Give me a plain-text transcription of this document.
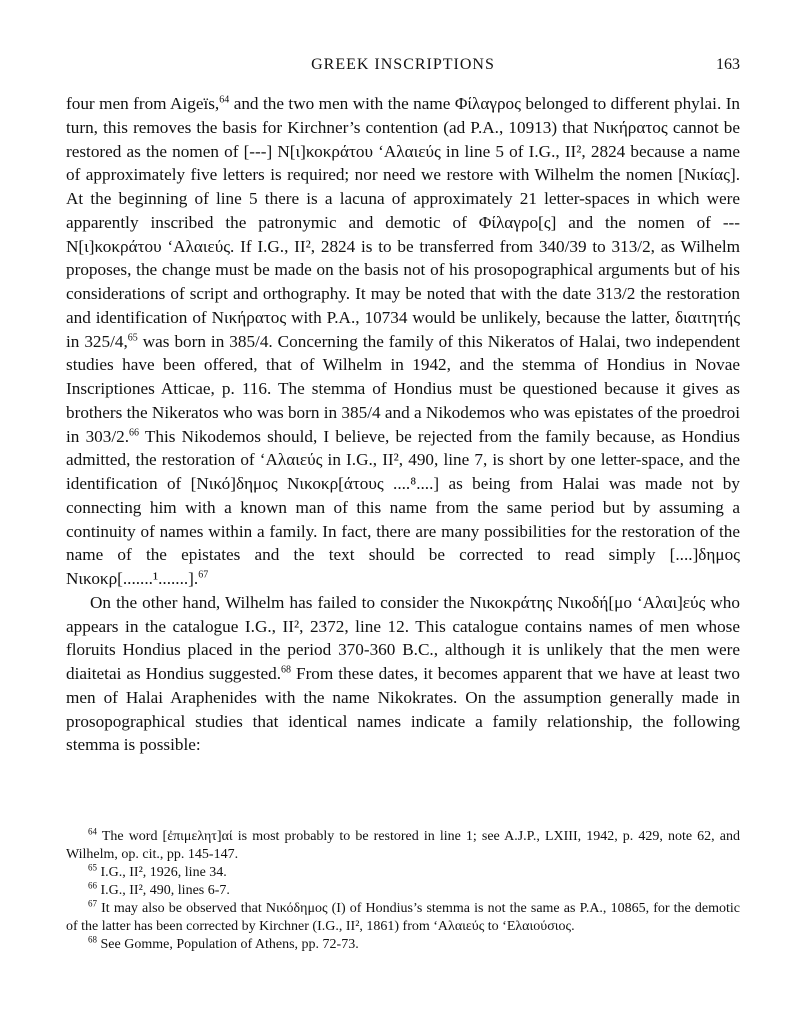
GREEK INSCRIPTIONS	163

four men from Aigeïs,$^{64}$ and the two men with the name Φίλαγρος belonged to different phylai. In turn, this removes the basis for Kirchner’s contention (ad P.A., 10913) that Νικήρατος cannot be restored as the nomen of [---] Ν[ι]κοκράτου ‘Αλαιεύς in line 5 of I.G., II², 2824 because a name of approximately five letters is required; nor need we restore with Wilhelm the nomen [Νικίας]. At the beginning of line 5 there is a lacuna of approximately 21 letter-spaces in which were apparently inscribed the patronymic and demotic of Φίλαγρο[ς] and the nomen of --- Ν[ι]κοκράτου ‘Αλαιεύς. If I.G., II², 2824 is to be transferred from 340/39 to 313/2, as Wilhelm proposes, the change must be made on the basis not of his prosopographical arguments but of his considerations of script and orthography. It may be noted that with the date 313/2 the restoration and identification of Νικήρατος with P.A., 10734 would be unlikely, because the latter, διαιτητής in 325/4,65 was born in 385/4. Concerning the family of this Nikeratos of Halai, two independent studies have been offered, that of Wilhelm in 1942, and the stemma of Hondius in Novae Inscriptiones Atticae, p. 116. The stemma of Hondius must be questioned because it gives as brothers the Nikeratos who was born in 385/4 and a Nikodemos who was epistates of the proedroi in 303/2.66 This Nikodemos should, I believe, be rejected from the family because, as Hondius admitted, the restoration of ‘Αλαιεύς in I.G., II², 490, line 7, is short by one letter-space, and the identification of [Νικό]δημος Νικοκρ[άτους ....⁸....] as being from Halai was made not by connecting him with a known man of this name from the same period but by assuming a continuity of names within a family. In fact, there are many possibilities for the restoration of the name of the epistates and the text should be corrected to read simply [....]δημος Νικοκρ[.......¹.......].$^{67}$

On the other hand, Wilhelm has failed to consider the Νικοκράτης Νικοδή[μο ‘Αλαι]εύς who appears in the catalogue I.G., II², 2372, line 12. This catalogue contains names of men whose floruits Hondius placed in the period 370-360 B.C., although it is unlikely that the men were diaitetai as Hondius suggested.$^{68}$ From these dates, it becomes apparent that we have at least two men of Halai Araphenides with the name Nikokrates. On the assumption generally made in prosopographical studies that identical names indicate a family relationship, the following stemma is possible:

$^{64}$ The word [ἐπιμελητ]αί is most probably to be restored in line 1; see A.J.P., LXIII, 1942, p. 429, note 62, and Wilhelm, op. cit., pp. 145-147.

$^{65}$ I.G., II², 1926, line 34.

$^{66}$ I.G., II², 490, lines 6-7.

$^{67}$ It may also be observed that Νικόδημος (I) of Hondius’s stemma is not the same as P.A., 10865, for the demotic of the latter has been corrected by Kirchner (I.G., II², 1861) from ‘Αλαιεύς to ‘Ελαιούσιος.

$^{68}$ See Gomme, Population of Athens, pp. 72-73.
